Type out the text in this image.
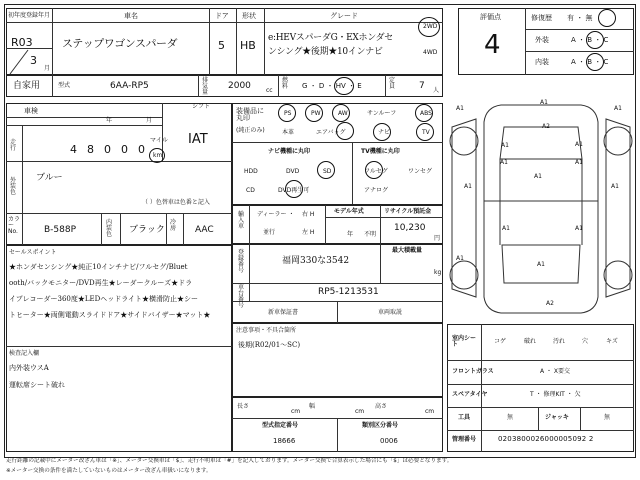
初年度登録年月
R03
3
月
車名
ステップワゴンスパーダ
ドア
5
形状
HB
グレード
e:HEVスパーダG・EXホンダセ
ンシング★後期★10インナビ
2WD
4WD
自家用	型式	6AA-RP5
排気量
2000	cc
燃料 G ・ D ・ HV ・ E
定員	7 人
評価点
4
修復歴 有 ・ 無
外装	A ・ B ・ C
内装	A ・ B ・ C
車検
年	月
シフト
IAT
走行	4 8 0 0 0
マイル
km
外装色
ブルー
（ ）色替車は色番と記入
カラーNo.	B-588P
内装色 ブラック
冷房 AAC
装備品に丸印
(純正のみ)
PS	PW	AW	サンルーフ	ABS
本革	エアバッグ	ナビ	TV
ナビ機種に丸印
HDD	DVD	SD
CD	DVD再生可
TV機種に丸印
フルセグ	ワンセグ
アナログ
輸入車
ディーラー ・
並行
右 H
左 H
モデル年式
年 不明
リサイクル預託金
10,230
円
登録番号
福岡330な3542
最大積載量
kg
車台番号
RP5-1213531
新車保証書	車両取説
セールスポイント
★ホンダセンシング★純正10インチナビ/フルセグ/Bluet
ooth/バックモニター/DVD再生★レーダークルーズ★ドラ
イブレコーダー360度★LEDヘッドライト★横滑防止★シー
トヒーター★両側電動スライドドア★サイドバイザー★マット★
検査記入欄
内外装ウスA
運転席シート破れ
注意事項・不具合箇所
後期(R02/01〜SC)
長さ
cm
幅
cm
高さ
cm
型式指定番号
18666
類別区分番号
0006
A1
A1	A1
A1	A1
A1	A1
A1
A1	A1
A1	A1
A1
A1
A2
A2
室内シート	コゲ	破れ	汚れ	穴	キズ
フロントガラス	A ・ X要交
スペアタイヤ	T ・ 修理KIT ・ 欠
工具	無	ジャッキ	無
管理番号	0203800026000005092 2
走行距離の記載中にメーター改ざん車は「※」、メーター交換車は「$」、走行不明車は「#」を記入しております。メーター交換で合算表示した場合にも「$」は必要となります。
※メーター交換の条件を満たしていないものはメーター改ざん車扱いになります。
